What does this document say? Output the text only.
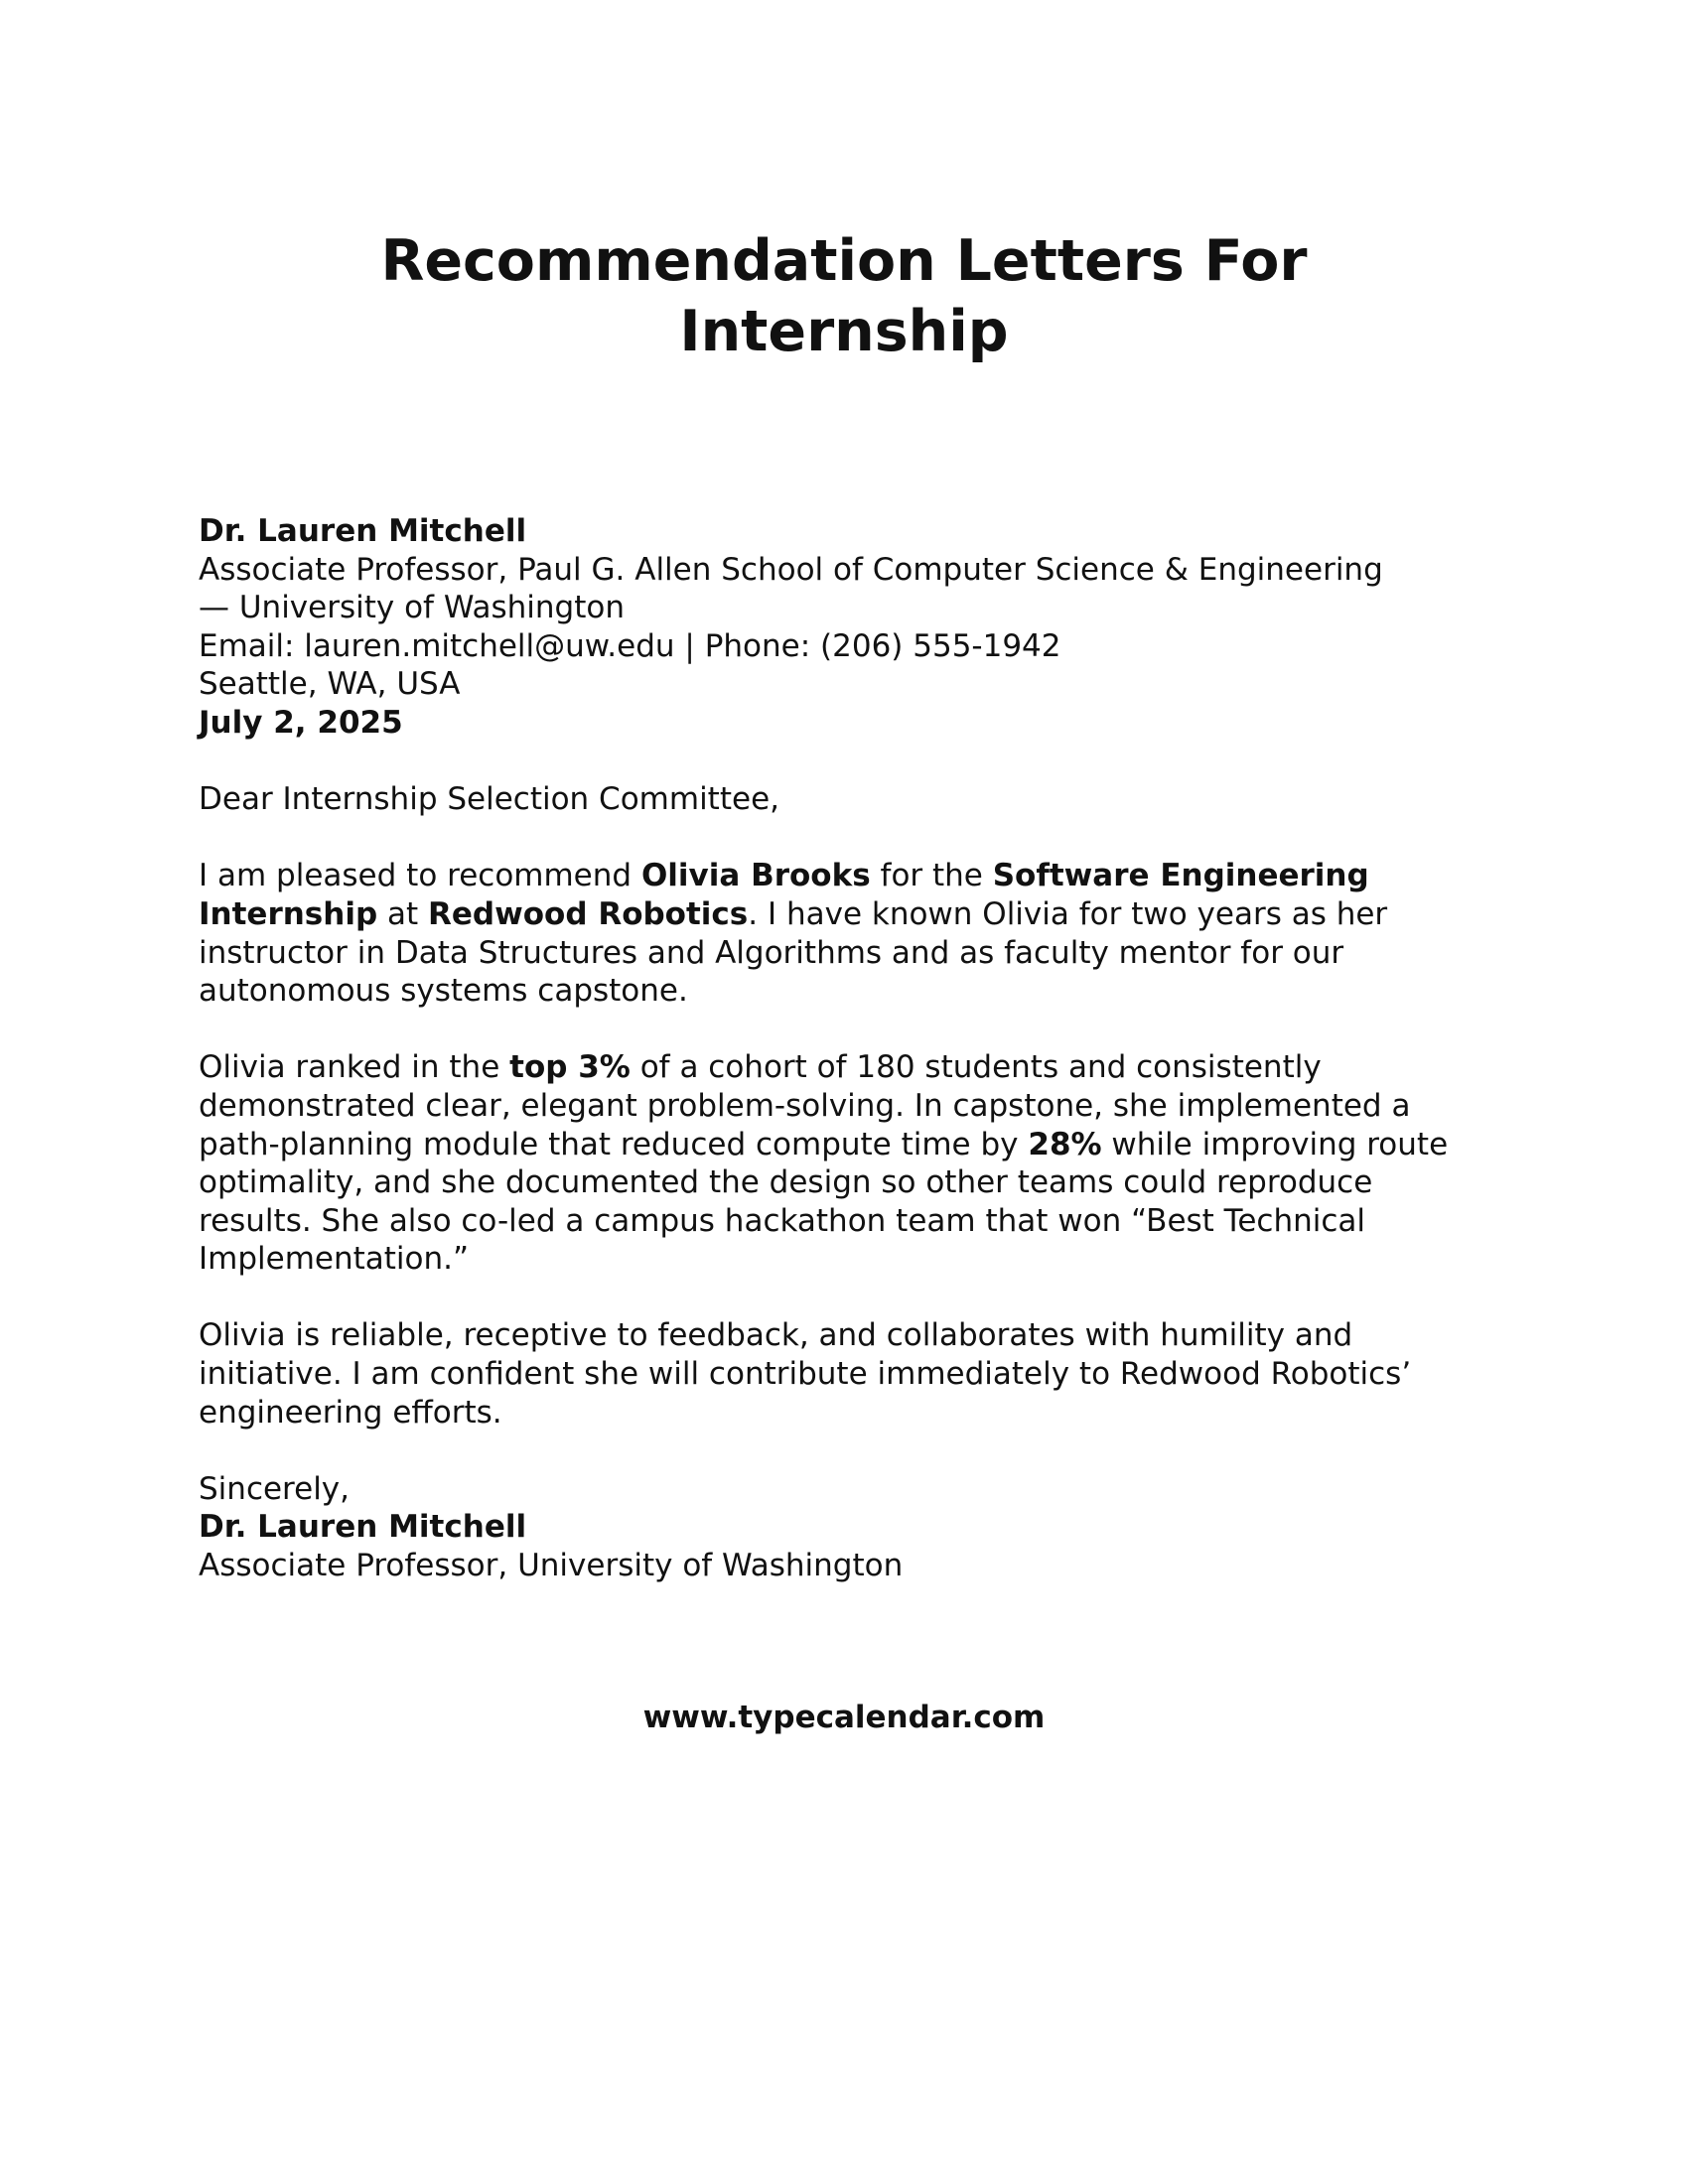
Recommendation Letters For
Internship

Dr. Lauren Mitchell

Associate Professor, Paul G. Allen School of Computer Science & Engineering
— University of Washington

Email: lauren.mitchell@uw.edu | Phone: (206) 555-1942

Seattle, WA, USA

July 2, 2025

Dear Internship Selection Committee,

I am pleased to recommend Olivia Brooks for the Software Engineering Internship at Redwood Robotics. I have known Olivia for two years as her instructor in Data Structures and Algorithms and as faculty mentor for our autonomous systems capstone.

Olivia ranked in the top 3% of a cohort of 180 students and consistently demonstrated clear, elegant problem-solving. In capstone, she implemented a path-planning module that reduced compute time by 28% while improving route optimality, and she documented the design so other teams could reproduce results. She also co-led a campus hackathon team that won “Best Technical Implementation.”

Olivia is reliable, receptive to feedback, and collaborates with humility and initiative. I am confident she will contribute immediately to Redwood Robotics’ engineering efforts.

Sincerely,

Dr. Lauren Mitchell

Associate Professor, University of Washington

www.typecalendar.com
